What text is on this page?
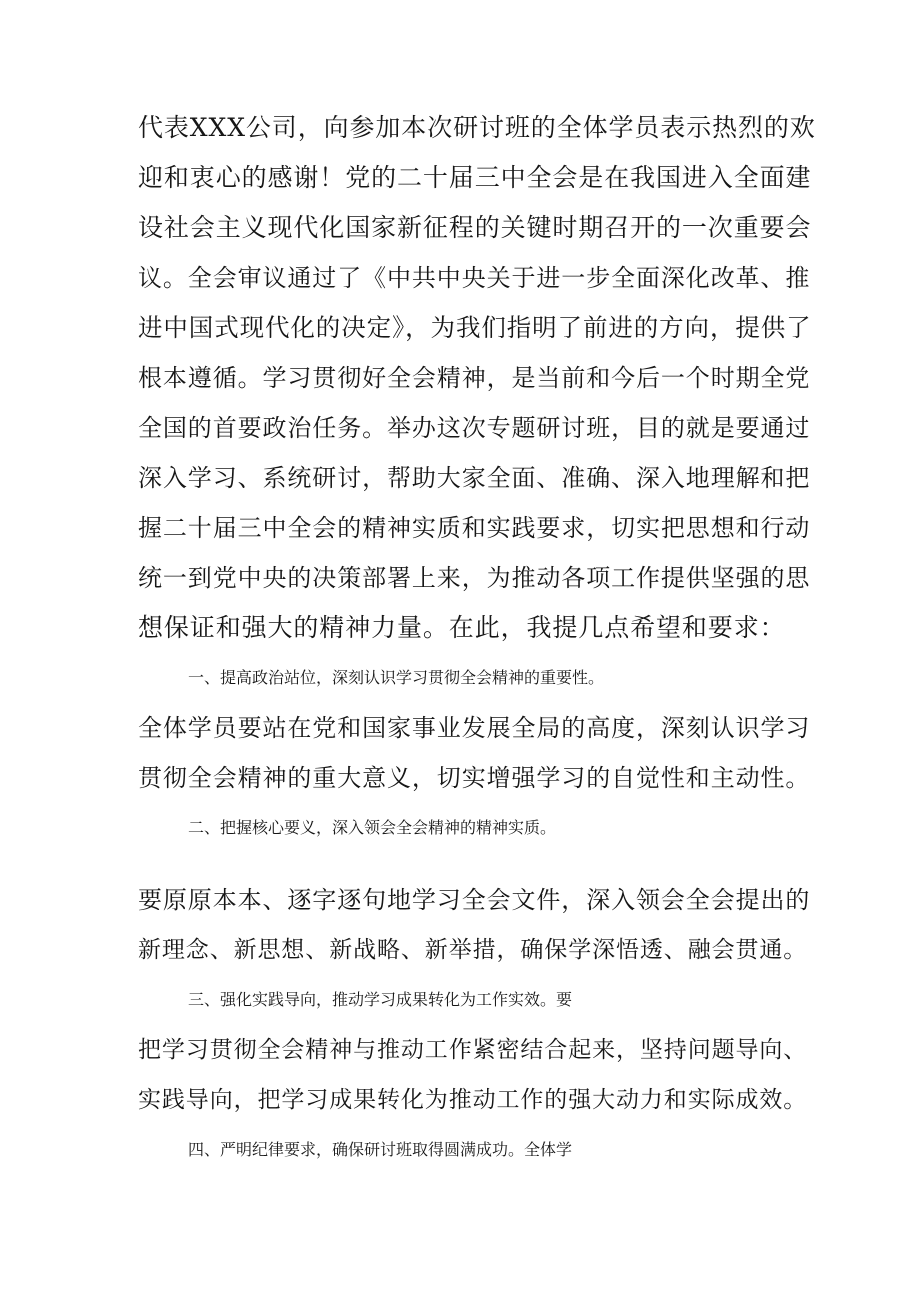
代表XXX公司，向参加本次研讨班的全体学员表示热烈的欢
迎和衷心的感谢！党的二十届三中全会是在我国进入全面建
设社会主义现代化国家新征程的关键时期召开的一次重要会
议。全会审议通过了《中共中央关于进一步全面深化改革、推
进中国式现代化的决定》，为我们指明了前进的方向，提供了
根本遵循。学习贯彻好全会精神，是当前和今后一个时期全党
全国的首要政治任务。举办这次专题研讨班，目的就是要通过
深入学习、系统研讨，帮助大家全面、准确、深入地理解和把
握二十届三中全会的精神实质和实践要求，切实把思想和行动
统一到党中央的决策部署上来，为推动各项工作提供坚强的思
想保证和强大的精神力量。在此，我提几点希望和要求：
一、提高政治站位，深刻认识学习贯彻全会精神的重要性。
全体学员要站在党和国家事业发展全局的高度，深刻认识学习
贯彻全会精神的重大意义，切实增强学习的自觉性和主动性。
二、把握核心要义，深入领会全会精神的精神实质。
要原原本本、逐字逐句地学习全会文件，深入领会全会提出的
新理念、新思想、新战略、新举措，确保学深悟透、融会贯通。
三、强化实践导向，推动学习成果转化为工作实效。要
把学习贯彻全会精神与推动工作紧密结合起来，坚持问题导向、
实践导向，把学习成果转化为推动工作的强大动力和实际成效。
四、严明纪律要求，确保研讨班取得圆满成功。全体学
